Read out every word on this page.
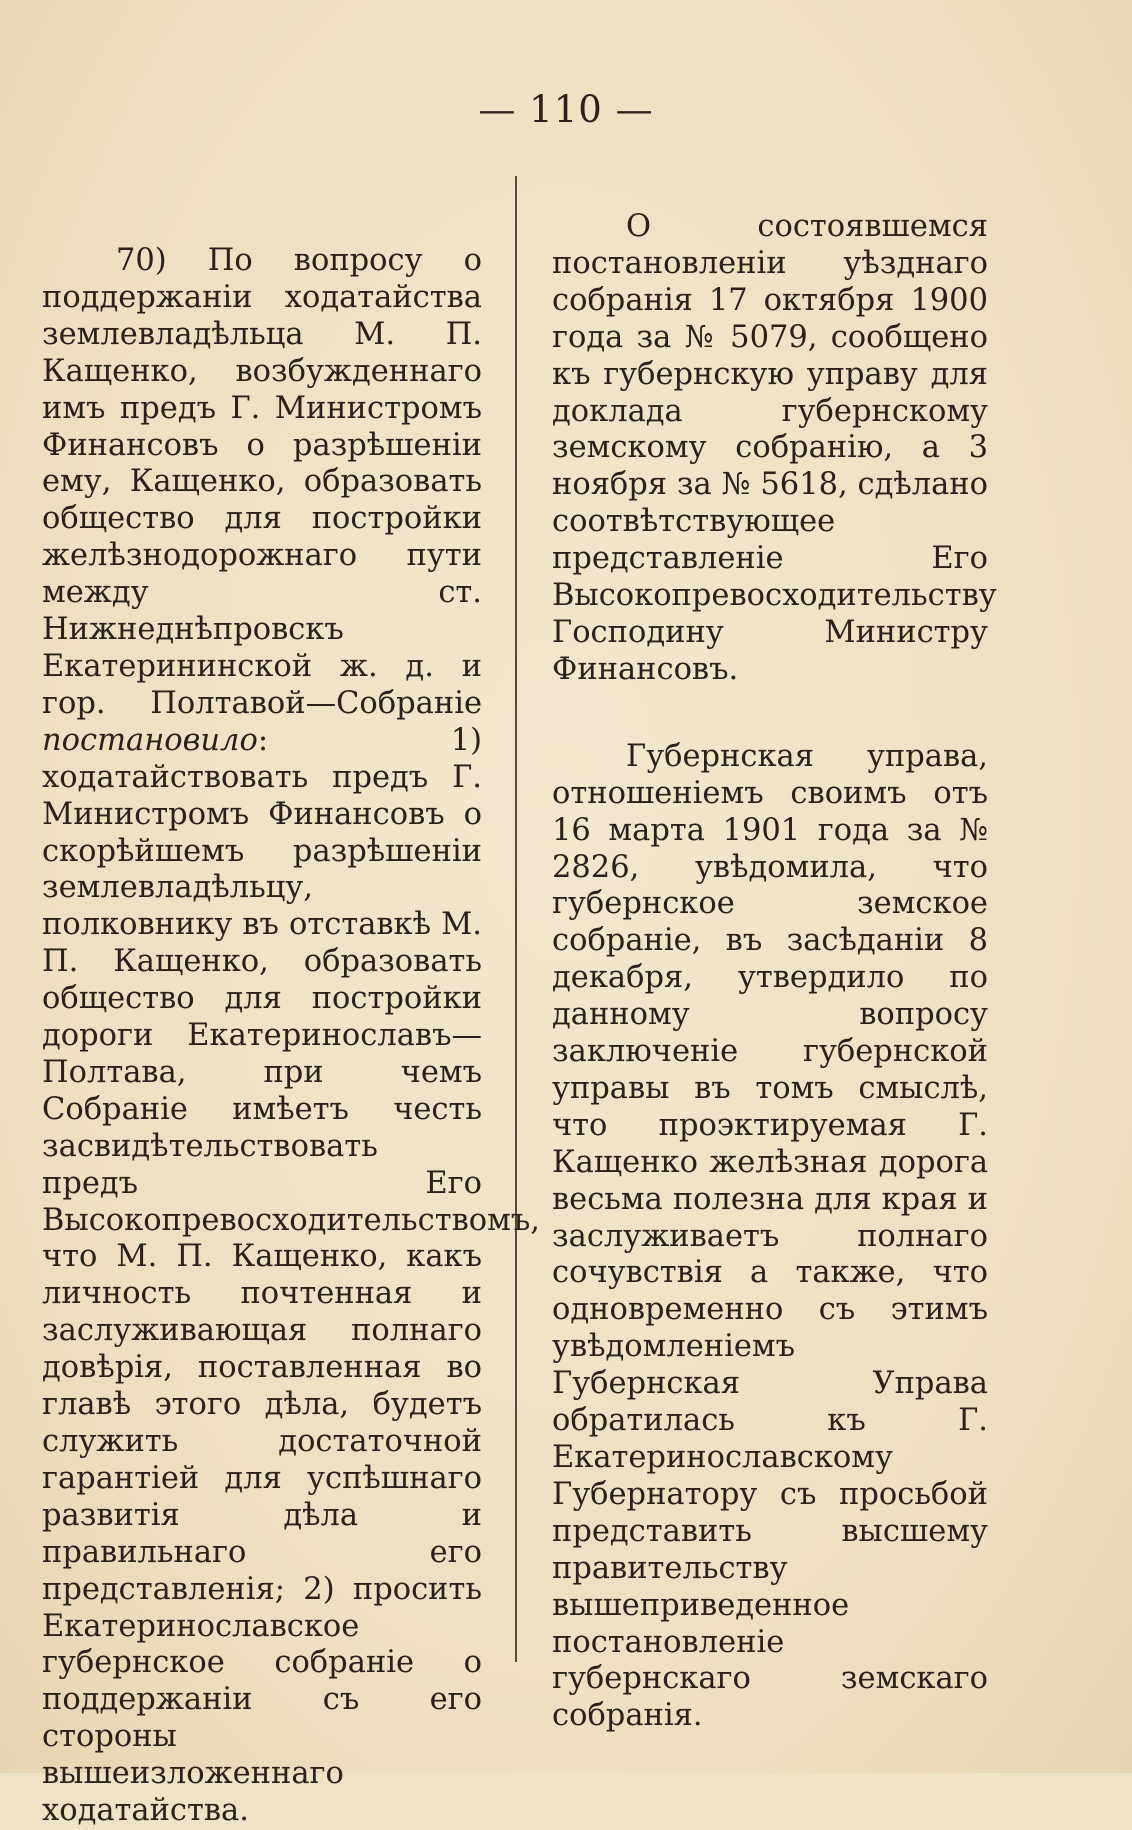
— 110 —

70) По вопросу о поддержаніи ходатайства землевладѣльца М. П. Кащенко, возбужденнаго имъ предъ Г. Министромъ Финансовъ о разрѣшеніи ему, Кащенко, образовать общество для постройки желѣзнодорожнаго пути между ст. Нижнеднѣпровскъ Екатерининской ж. д. и гор. Полтавой—Собраніе постановило: 1) ходатайствовать предъ Г. Министромъ Финансовъ о скорѣйшемъ разрѣшеніи землевладѣльцу, полковнику въ отставкѣ М. П. Кащенко, образовать общество для постройки дороги Екатеринославъ—Полтава, при чемъ Собраніе имѣетъ честь засвидѣтельствовать предъ Его Высокопревосходительствомъ, что М. П. Кащенко, какъ личность почтенная и заслуживающая полнаго довѣрія, поставленная во главѣ этого дѣла, будетъ служить достаточной гарантіей для успѣшнаго развитія дѣла и правильнаго его представленія; 2) просить Екатеринославское губернское собраніе о поддержаніи съ его стороны вышеизложеннаго ходатайства.

О состоявшемся постановленіи уѣзднаго собранія 17 октября 1900 года за № 5079, сообщено къ губернскую управу для доклада губернскому земскому собранію, а 3 ноября за № 5618, сдѣлано соотвѣтствующее представленіе Его Высокопревосходительству Господину Министру Финансовъ.

Губернская управа, отношеніемъ своимъ отъ 16 марта 1901 года за № 2826, увѣдомила, что губернское земское собраніе, въ засѣданіи 8 декабря, утвердило по данному вопросу заключеніе губернской управы въ томъ смыслѣ, что проэктируемая Г. Кащенко желѣзная дорога весьма полезна для края и заслуживаетъ полнаго сочувствія а также, что одновременно съ этимъ увѣдомленіемъ Губернская Управа обратилась къ Г. Екатеринославскому Губернатору съ просьбой представить высшему правительству вышеприведенное постановленіе губернскаго земскаго собранія.
